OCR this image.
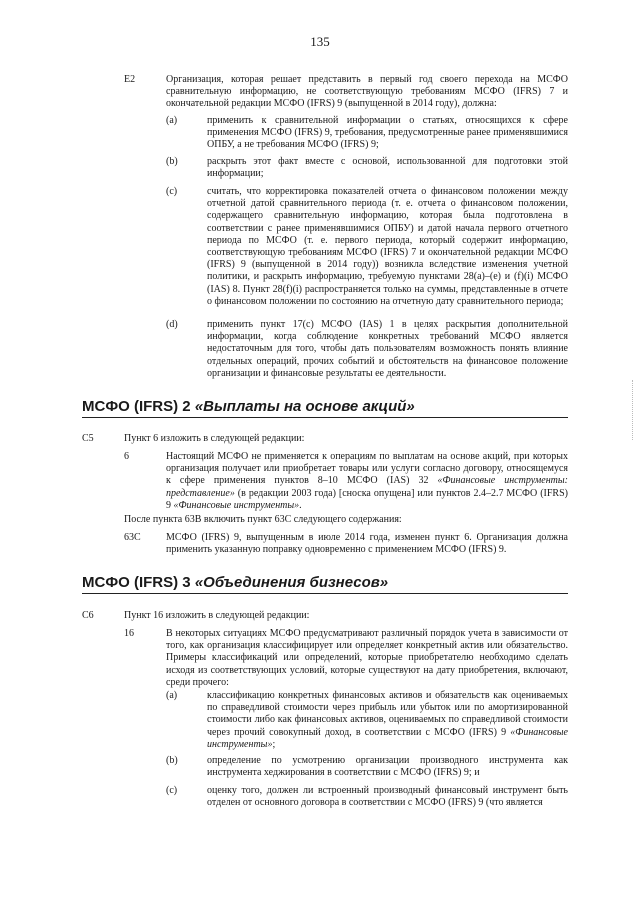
135
E2	Организация, которая решает представить в первый год своего перехода на МСФО сравнительную информацию, не соответствующую требованиям МСФО (IFRS) 7 и окончательной редакции МСФО (IFRS) 9 (выпущенной в 2014 году), должна:
(a)	применить к сравнительной информации о статьях, относящихся к сфере применения МСФО (IFRS) 9, требования, предусмотренные ранее применявшимися ОПБУ, а не требования МСФО (IFRS) 9;
(b)	раскрыть этот факт вместе с основой, использованной для подготовки этой информации;
(c)	считать, что корректировка показателей отчета о финансовом положении между отчетной датой сравнительного периода (т. е. отчета о финансовом положении, содержащего сравнительную информацию, которая была подготовлена в соответствии с ранее применявшимися ОПБУ) и датой начала первого отчетного периода по МСФО (т. е. первого периода, который содержит информацию, соответствующую требованиям МСФО (IFRS) 7 и окончательной редакции МСФО (IFRS) 9 (выпущенной в 2014 году)) возникла вследствие изменения учетной политики, и раскрыть информацию, требуемую пунктами 28(a)–(e) и (f)(i) МСФО (IAS) 8. Пункт 28(f)(i) распространяется только на суммы, представленные в отчете о финансовом положении по состоянию на отчетную дату сравнительного периода;
(d)	применить пункт 17(c) МСФО (IAS) 1 в целях раскрытия дополнительной информации, когда соблюдение конкретных требований МСФО является недостаточным для того, чтобы дать пользователям возможность понять влияние отдельных операций, прочих событий и обстоятельств на финансовое положение организации и финансовые результаты ее деятельности.
МСФО (IFRS) 2 «Выплаты на основе акций»
C5	Пункт 6 изложить в следующей редакции:
6	Настоящий МСФО не применяется к операциям по выплатам на основе акций, при которых организация получает или приобретает товары или услуги согласно договору, относящемуся к сфере применения пунктов 8–10 МСФО (IAS) 32 «Финансовые инструменты: представление» (в редакции 2003 года) [сноска опущена] или пунктов 2.4–2.7 МСФО (IFRS) 9 «Финансовые инструменты».
После пункта 63B включить пункт 63C следующего содержания:
63C	МСФО (IFRS) 9, выпущенным в июле 2014 года, изменен пункт 6. Организация должна применить указанную поправку одновременно с применением МСФО (IFRS) 9.
МСФО (IFRS) 3 «Объединения бизнесов»
C6	Пункт 16 изложить в следующей редакции:
16	В некоторых ситуациях МСФО предусматривают различный порядок учета в зависимости от того, как организация классифицирует или определяет конкретный актив или обязательство. Примеры классификаций или определений, которые приобретателю необходимо сделать исходя из соответствующих условий, которые существуют на дату приобретения, включают, среди прочего:
(a)	классификацию конкретных финансовых активов и обязательств как оцениваемых по справедливой стоимости через прибыль или убыток или по амортизированной стоимости либо как финансовых активов, оцениваемых по справедливой стоимости через прочий совокупный доход, в соответствии с МСФО (IFRS) 9 «Финансовые инструменты»;
(b)	определение по усмотрению организации производного инструмента как инструмента хеджирования в соответствии с МСФО (IFRS) 9; и
(c)	оценку того, должен ли встроенный производный финансовый инструмент быть отделен от основного договора в соответствии с МСФО (IFRS) 9 (что является
